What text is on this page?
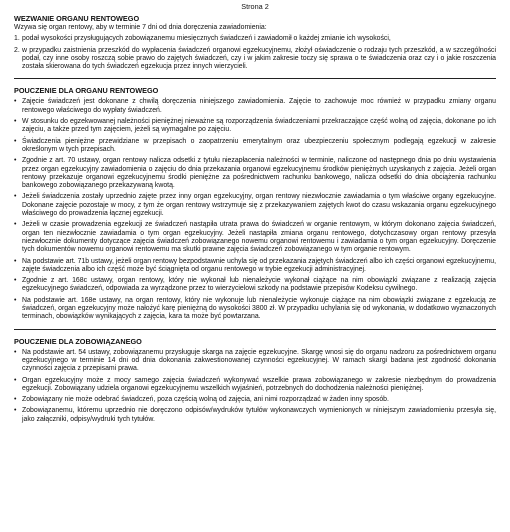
Strona 2

WEZWANIE ORGANU RENTOWEGO

Wzywa się organ rentowy, aby w terminie 7 dni od dnia doręczenia zawiadomienia:
1. podał wysokości przysługujących zobowiązanemu miesięcznych świadczeń i zawiadomił o każdej zmianie ich wysokości,
2. w przypadku zaistnienia przeszkód do wypłacenia świadczeń organowi egzekucyjnemu, złożył oświadczenie o rodzaju tych przeszkód, a w szczególności podał, czy inne osoby roszczą sobie prawo do zajętych świadczeń, czy i w jakim zakresie toczy się sprawa o te świadczenia oraz czy i o jakie roszczenia została skierowana do tych świadczeń egzekucja przez innych wierzycieli.

POUCZENIE DLA ORGANU RENTOWEGO

• Zajęcie świadczeń jest dokonane z chwilą doręczenia niniejszego zawiadomienia. Zajęcie to zachowuje moc również w przypadku zmiany organu rentowego właściwego do wypłaty świadczeń.
• W stosunku do egzekwowanej należności pieniężnej nieważne są rozporządzenia świadczeniami przekraczające część wolną od zajęcia, dokonane po ich zajęciu, a także przed tym zajęciem, jeżeli są wymagalne po zajęciu.
• Świadczenia pieniężne przewidziane w przepisach o zaopatrzeniu emerytalnym oraz ubezpieczeniu społecznym podlegają egzekucji w zakresie określonym w tych przepisach.
• Zgodnie z art. 70 ustawy, organ rentowy nalicza odsetki z tytułu niezapłacenia należności w terminie, naliczone od następnego dnia po dniu wystawienia przez organ egzekucyjny zawiadomienia o zajęciu do dnia przekazania organowi egzekucyjnemu środków pieniężnych uzyskanych z zajęcia. Jeżeli organ rentowy przekazuje organowi egzekucyjnemu środki pieniężne za pośrednictwem rachunku bankowego, nalicza odsetki do dnia obciążenia rachunku bankowego zobowiązanego przekazywaną kwotą.
• Jeżeli świadczenia zostały uprzednio zajęte przez inny organ egzekucyjny, organ rentowy niezwłocznie zawiadamia o tym właściwe organy egzekucyjne. Dokonane zajęcie pozostaje w mocy, z tym że organ rentowy wstrzymuje się z przekazywaniem zajętych kwot do czasu wskazania organu egzekucyjnego właściwego do prowadzenia łącznej egzekucji.
• Jeżeli w czasie prowadzenia egzekucji ze świadczeń nastąpiła utrata prawa do świadczeń w organie rentowym, w którym dokonano zajęcia świadczeń, organ ten niezwłocznie zawiadamia o tym organ egzekucyjny. Jeżeli nastąpiła zmiana organu rentowego, dotychczasowy organ rentowy przesyła niezwłocznie dokumenty dotyczące zajęcia świadczeń zobowiązanego nowemu organowi rentowemu i zawiadamia o tym organ egzekucyjny. Doręczenie tych dokumentów nowemu organowi rentowemu ma skutki prawne zajęcia świadczeń zobowiązanego w tym organie rentowym.
• Na podstawie art. 71b ustawy, jeżeli organ rentowy bezpodstawnie uchyla się od przekazania zajętych świadczeń albo ich części organowi egzekucyjnemu, zajęte świadczenia albo ich część może być ściągnięta od organu rentowego w trybie egzekucji administracyjnej.
• Zgodnie z art. 168c ustawy, organ rentowy, który nie wykonał lub nienależycie wykonał ciążące na nim obowiązki związane z realizacją zajęcia egzekucyjnego świadczeń, odpowiada za wyrządzone przez to wierzycielowi szkody na podstawie przepisów Kodeksu cywilnego.
• Na podstawie art. 168e ustawy, na organ rentowy, który nie wykonuje lub nienależycie wykonuje ciążące na nim obowiązki związane z egzekucją ze świadczeń, organ egzekucyjny może nałożyć karę pieniężną do wysokości 3800 zł. W przypadku uchylania się od wykonania, w dodatkowo wyznaczonych terminach, obowiązków wynikających z zajęcia, kara ta może być powtarzana.

POUCZENIE DLA ZOBOWIĄZANEGO

• Na podstawie art. 54 ustawy, zobowiązanemu przysługuje skarga na zajęcie egzekucyjne. Skargę wnosi się do organu nadzoru za pośrednictwem organu egzekucyjnego w terminie 14 dni od dnia dokonania zakwestionowanej czynności egzekucyjnej. W ramach skargi badana jest zgodność dokonania czynności zajęcia z przepisami prawa.
• Organ egzekucyjny może z mocy samego zajęcia świadczeń wykonywać wszelkie prawa zobowiązanego w zakresie niezbędnym do prowadzenia egzekucji. Zobowiązany udziela organowi egzekucyjnemu wszelkich wyjaśnień, potrzebnych do dochodzenia należności pieniężnej.
• Zobowiązany nie może odebrać świadczeń, poza częścią wolną od zajęcia, ani nimi rozporządzać w żaden inny sposób.
• Zobowiązanemu, któremu uprzednio nie doręczono odpisów/wydruków tytułów wykonawczych wymienionych w niniejszym zawiadomieniu przesyła się, jako załączniki, odpisy/wydruki tych tytułów.
